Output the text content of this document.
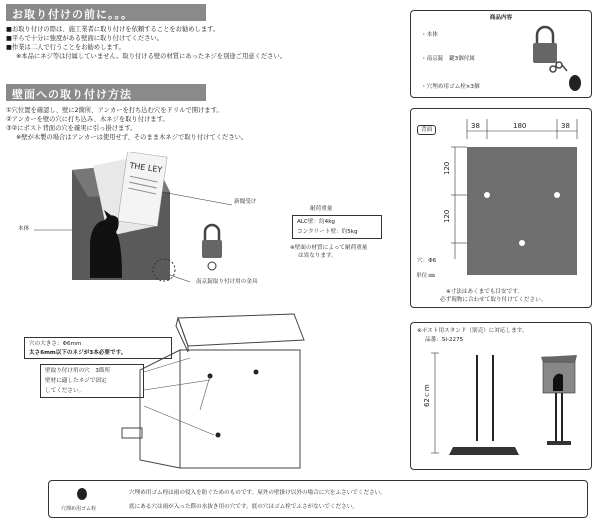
お取り付けの前に。。。
■お取り付けの際は、施工業者に取り付けを依頼することをお勧めします。
■平らで十分に強度がある壁面に取り付けてください。
■作業は二人で行うことをお勧めします。
※本品にネジ等は付属していません。取り付ける壁の材質にあったネジを別途ご用意ください。
商品内容
・本体
・南京錠　鍵3個付属
・穴埋め用ゴム栓×3個
壁面への取り付け方法
①穴位置を確認し、壁に2箇所、アンカーを打ち込む穴をドリルで開けます。
②アンカーを壁の穴に打ち込み、木ネジを取り付けます。
③②にポスト背面の穴を確実に引っ掛けます。
※壁が木製の場合はアンカーは使用せず、そのまま木ネジで取り付けてください。
THE LEY
本体
新聞受け
南京錠取り付け用の金具
耐荷重量
ALC壁：約4kg
コンクリート壁：約5kg
※壁面の材質によって耐荷重量
は異なります。
背面	38	180	38
120
120
穴：Φ6
単位:㎜
※寸法はあくまでも目安です。
必ず現物に合わせて取り付けてください。
穴の大きさ：Φ6mm
太さ6mm以下のネジが3本必要です。
壁取り付け用の穴　3箇所
壁材に適したネジで固定
してください。
※ポスト用スタンド（別売）に対応します。
品番：SI-2275
62ｃm
穴埋め用ゴム栓
穴埋め用ゴム栓は雨の侵入を防ぐためのものです。屋外の壁掛け以外の場合に穴をふさいでください。
底にある穴は雨が入った際の水抜き用の穴です。底の穴はゴム栓でふさがないでください。
